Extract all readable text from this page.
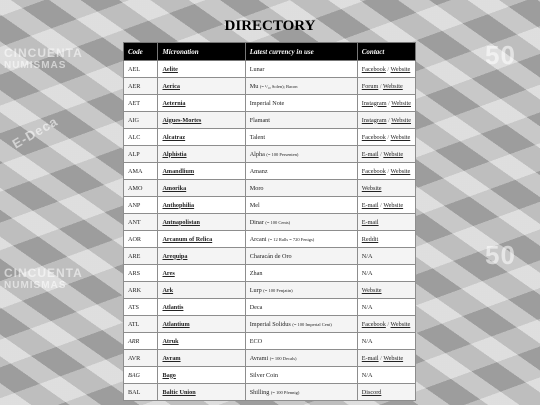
CINCUENTA
NUMISMAS	50
CINCUENTA
NUMISMAS
50
E-Deca
DIRECTORY
Code	Micronation	Latest currency in use	Contact
AEL	Aelite	Lunar	Facebook / Website
AER	Aerica	Mu (= ¹/₁₀ Solen); Bacon	Forum / Website
AET	Aeternia	Imperial Note	Instagram / Website
AIG	Aigues-Mortes	Flamant	Instagram / Website
ALC	Alcatraz	Talent	Facebook / Website
ALP	Alphistia	Alpha (= 100 Persenten)	E-mail / Website
AMA	Amandlium	Amanz	Facebook / Website
AMO	Amorika	Moro	Website
ANP	Anthophilia	Mel	E-mail / Website
ANT	Antnapolistan	Dinar (= 100 Cents)	E-mail
AOR	Arcanum of Relica	Arcani (= 12 Ralls = 720 Fenigs)	Reddit
ARE	Arequipa	Characán de Oro	N/A
ARS	Ares	Zhan	N/A
ARK	Ark	Lurp (= 100 Fenjatin)	Website
ATS	Atlantis	Deca	N/A
ATL	Atlantium	Imperial Solidus (= 100 Imperial Cent)	Facebook / Website
ARR	Atruk	ECO	N/A
AVR	Avram	Avrami (= 100 Decals)	E-mail / Website
BAG	Bago	Silver Coin	N/A
BAL	Baltic Union	Shilling (= 100 Pfennig)	Discord
